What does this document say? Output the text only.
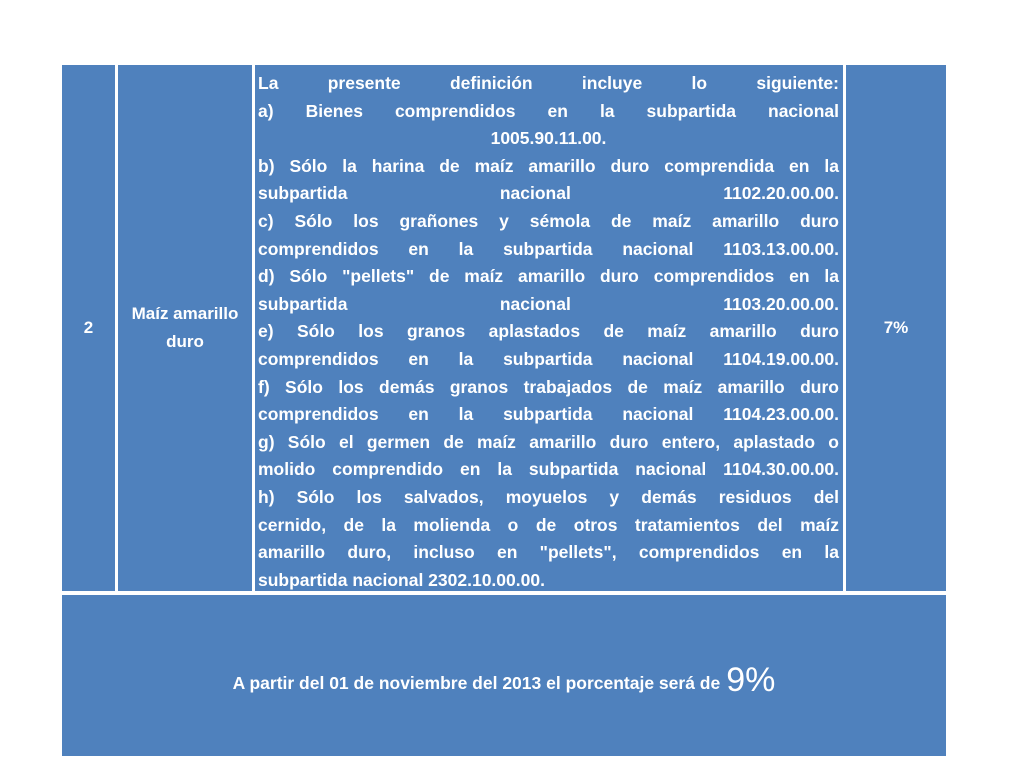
2
Maíz amarillo duro

La presente definición incluye lo siguiente:

a) Bienes comprendidos en la subpartida nacional

1005.90.11.00.

b) Sólo la harina de maíz amarillo duro comprendida en la

subpartida nacional 1102.20.00.00.

c) Sólo los grañones y sémola de maíz amarillo duro

comprendidos en la subpartida nacional 1103.13.00.00.

d) Sólo "pellets" de maíz amarillo duro comprendidos en la

subpartida nacional 1103.20.00.00.

e) Sólo los granos aplastados de maíz amarillo duro

comprendidos en la subpartida nacional 1104.19.00.00.

f) Sólo los demás granos trabajados de maíz amarillo duro

comprendidos en la subpartida nacional 1104.23.00.00.

g) Sólo el germen de maíz amarillo duro entero, aplastado o

molido comprendido en la subpartida nacional 1104.30.00.00.

h) Sólo los salvados, moyuelos y demás residuos del

cernido, de la molienda o de otros tratamientos del maíz

amarillo duro, incluso en "pellets", comprendidos en la

subpartida nacional 2302.10.00.00.

7%
A partir del 01 de noviembre del 2013 el porcentaje será de 9%
